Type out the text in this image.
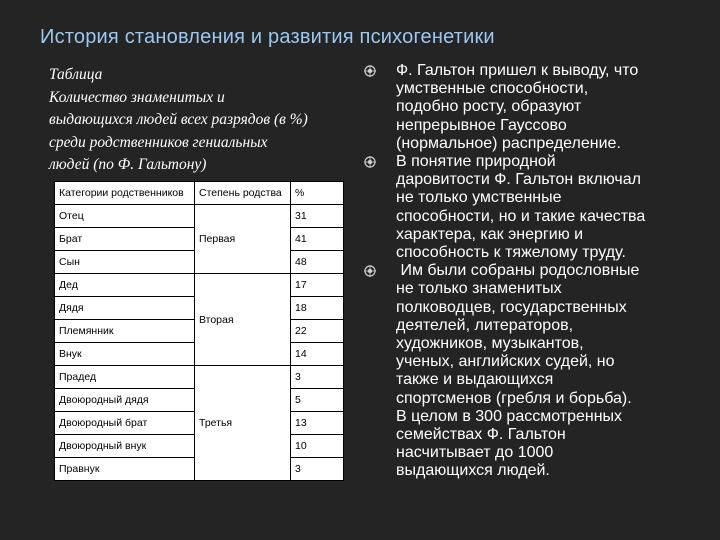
История становления и развития психогенетики
Таблица
Количество знаменитых и
выдающихся людей всех разрядов (в %)
среди родственников гениальных
людей (по Ф. Гальтону)
Категории родственников	Степень родства	%
Отец	Первая	31
Брат		41
Сын		48
Дед	Вторая	17
Дядя		18
Племянник		22
Внук		14
Прадед	Третья	3
Двоюродный дядя		5
Двоюродный брат		13
Двоюродный внук		10
Правнук		3
Ф. Гальтон пришел к выводу, что
умственные способности,
подобно росту, образуют
непрерывное Гауссово
(нормальное) распределение.
В понятие природной
даровитости Ф. Гальтон включал
не только умственные
способности, но и такие качества
характера, как энергию и
способность к тяжелому труду.
Им были собраны родословные
не только знаменитых
полководцев, государственных
деятелей, литераторов,
художников, музыкантов,
ученых, английских судей, но
также и выдающихся
спортсменов (гребля и борьба).
В целом в 300 рассмотренных
семействах Ф. Гальтон
насчитывает до 1000
выдающихся людей.
